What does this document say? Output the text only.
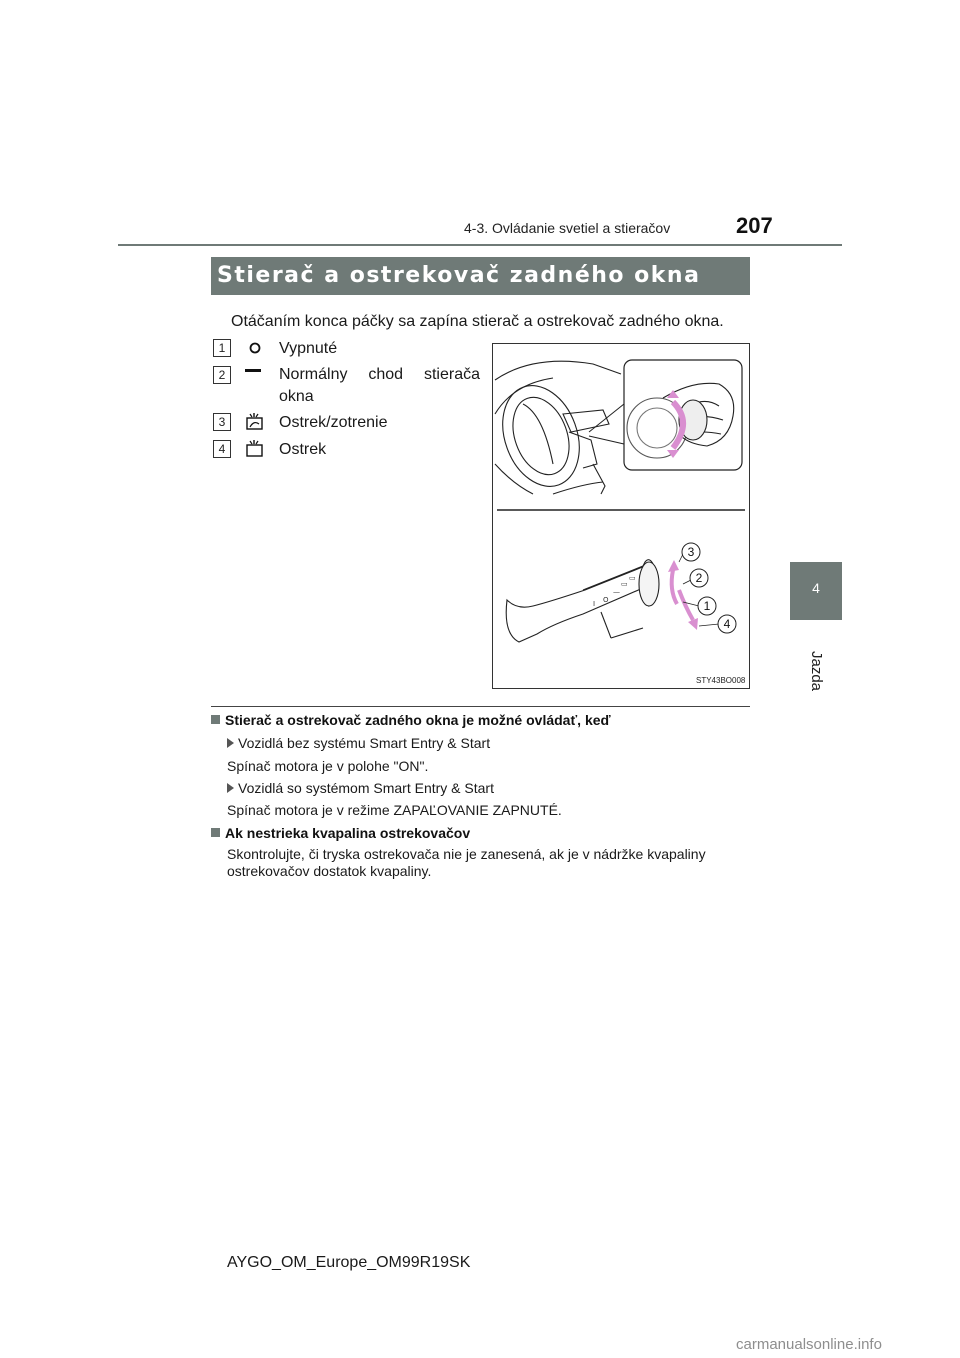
4-3. Ovládanie svetiel a stieračov	207
4
Jazda
Stierač a ostrekovač zadného okna
Otáčaním konca páčky sa zapína stierač a ostrekovač zadného okna.
1	Vypnuté
2	Normálny chod stierača
okna
3	Ostrek/zotrenie
4	Ostrek
I O
—
▭
▭
3
2
1
4
STY43BO008
Stierač a ostrekovač zadného okna je možné ovládať, keď
Vozidlá bez systému Smart Entry & Start
Spínač motora je v polohe "ON".
Vozidlá so systémom Smart Entry & Start
Spínač motora je v režime ZAPAĽOVANIE ZAPNUTÉ.
Ak nestrieka kvapalina ostrekovačov
Skontrolujte, či tryska ostrekovača nie je zanesená, ak je v nádržke kvapaliny
ostrekovačov dostatok kvapaliny.
AYGO_OM_Europe_OM99R19SK
carmanualsonline.info
